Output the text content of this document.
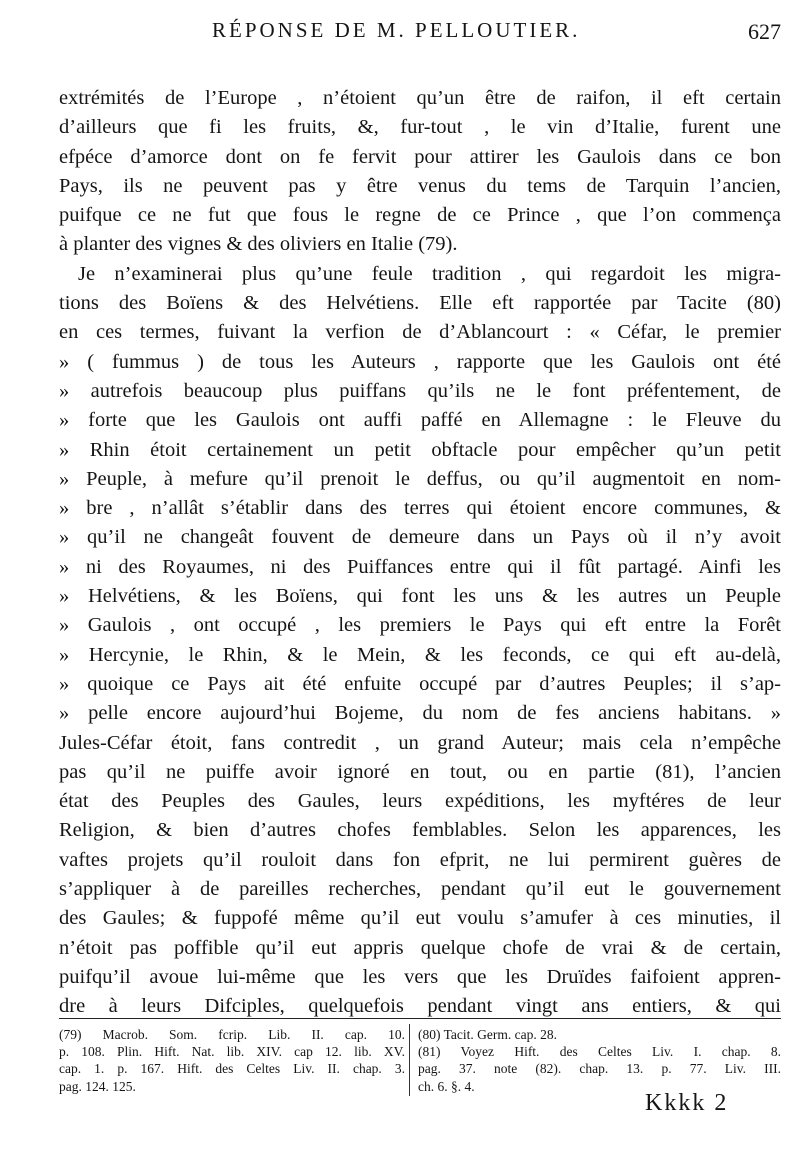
RÉPONSE DE M. PELLOUTIER.	627
extrémités de l’Europe , n’étoient qu’un être de raifon, il eft certain
d’ailleurs que fi les fruits, &, fur-tout , le vin d’Italie, furent une
efpéce d’amorce dont on fe fervit pour attirer les Gaulois dans ce bon
Pays, ils ne peuvent pas y être venus du tems de Tarquin l’ancien,
puifque ce ne fut que fous le regne de ce Prince , que l’on commença
à planter des vignes & des oliviers en Italie (79).
Je n’examinerai plus qu’une feule tradition , qui regardoit les migra-
tions des Boïens & des Helvétiens. Elle eft rapportée par Tacite (80)
en ces termes, fuivant la verfion de d’Ablancourt : « Céfar, le premier
» ( fummus ) de tous les Auteurs , rapporte que les Gaulois ont été
» autrefois beaucoup plus puiffans qu’ils ne le font préfentement, de
» forte que les Gaulois ont auffi paffé en Allemagne : le Fleuve du
» Rhin étoit certainement un petit obftacle pour empêcher qu’un petit
» Peuple, à mefure qu’il prenoit le deffus, ou qu’il augmentoit en nom-
» bre , n’allât s’établir dans des terres qui étoient encore communes, &
» qu’il ne changeât fouvent de demeure dans un Pays où il n’y avoit
» ni des Royaumes, ni des Puiffances entre qui il fût partagé. Ainfi les
» Helvétiens, & les Boïens, qui font les uns & les autres un Peuple
» Gaulois , ont occupé , les premiers le Pays qui eft entre la Forêt
» Hercynie, le Rhin, & le Mein, & les feconds, ce qui eft au-delà,
» quoique ce Pays ait été enfuite occupé par d’autres Peuples; il s’ap-
» pelle encore aujourd’hui Bojeme, du nom de fes anciens habitans. »
Jules-Céfar étoit, fans contredit , un grand Auteur; mais cela n’empêche
pas qu’il ne puiffe avoir ignoré en tout, ou en partie (81), l’ancien
état des Peuples des Gaules, leurs expéditions, les myftéres de leur
Religion, & bien d’autres chofes femblables. Selon les apparences, les
vaftes projets qu’il rouloit dans fon efprit, ne lui permirent guères de
s’appliquer à de pareilles recherches, pendant qu’il eut le gouvernement
des Gaules; & fuppofé même qu’il eut voulu s’amufer à ces minuties, il
n’étoit pas poffible qu’il eut appris quelque chofe de vrai & de certain,
puifqu’il avoue lui-même que les vers que les Druïdes faifoient appren-
dre à leurs Difciples, quelquefois pendant vingt ans entiers, & qui
(79) Macrob. Som. fcrip. Lib. II. cap. 10.
p. 108. Plin. Hift. Nat. lib. XIV. cap 12. lib. XV.
cap. 1. p. 167. Hift. des Celtes Liv. II. chap. 3.
pag. 124. 125.
(80) Tacit. Germ. cap. 28.
(81) Voyez Hift. des Celtes Liv. I. chap. 8.
pag. 37. note (82). chap. 13. p. 77. Liv. III.
ch. 6. §. 4.
Kkkk 2
